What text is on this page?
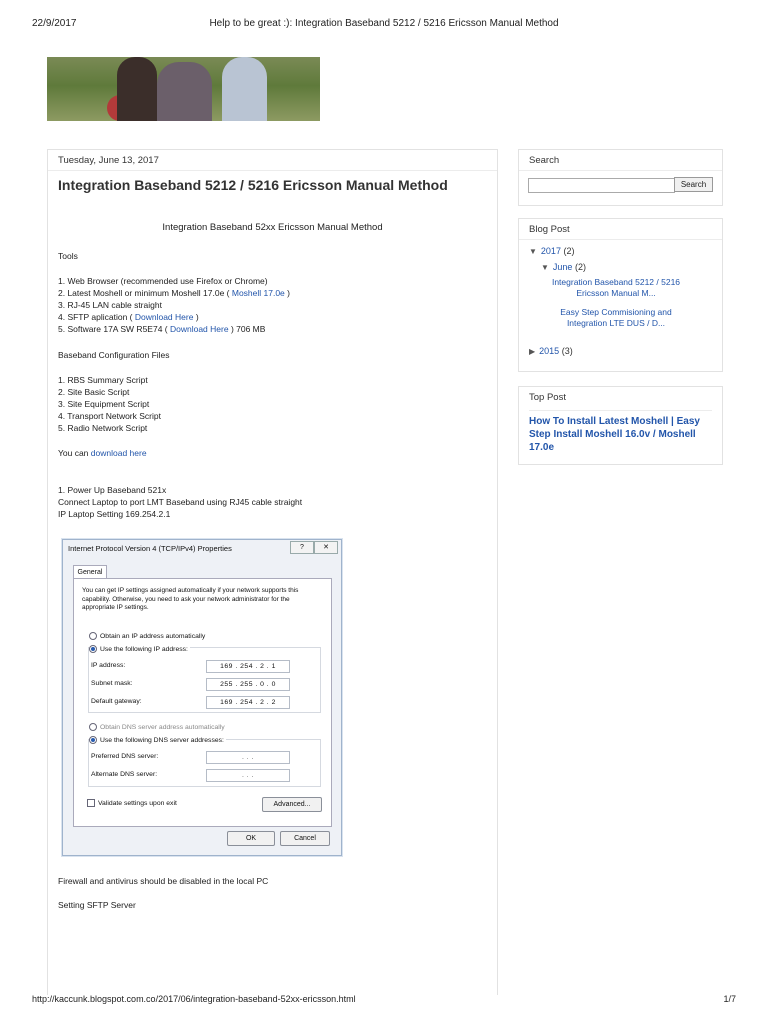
22/9/2017	Help to be great :): Integration Baseband 5212 / 5216 Ericsson Manual Method
Tuesday, June 13, 2017
Integration Baseband 5212 / 5216 Ericsson Manual Method
Integration Baseband 52xx Ericsson Manual Method
Tools
1. Web Browser (recommended use Firefox or Chrome)
2. Latest Moshell or minimum Moshell 17.0e ( Moshell 17.0e )
3. RJ-45 LAN cable straight
4. SFTP aplication ( Download Here )
5. Software 17A SW R5E74 ( Download Here ) 706 MB
Baseband Configuration Files
1. RBS Summary Script
2. Site Basic Script
3. Site Equipment Script
4. Transport Network Script
5. Radio Network Script
You can download here
1. Power Up Baseband 521x
Connect Laptop to port LMT Baseband using RJ45 cable straight
IP Laptop Setting 169.254.2.1
Internet Protocol Version 4 (TCP/IPv4) Properties	?	✕
General
You can get IP settings assigned automatically if your network supports this capability. Otherwise, you need to ask your network administrator for the appropriate IP settings.
Obtain an IP address automatically
Use the following IP address:
IP address:	169 . 254 . 2 . 1
Subnet mask:	255 . 255 . 0 . 0
Default gateway:	169 . 254 . 2 . 2
Obtain DNS server address automatically
Use the following DNS server addresses:
Preferred DNS server:	. . .
Alternate DNS server:	. . .
Validate settings upon exit	Advanced...
OK	Cancel
Firewall and antivirus should be disabled in the local PC
Setting SFTP Server
Search
Search
Blog Post
▼ 2017 (2)
▼ June (2)
Integration Baseband 5212 / 5216 Ericsson Manual M...
Easy Step Commisioning and Integration LTE DUS / D...
▶ 2015 (3)
Top Post
How To Install Latest Moshell | Easy Step Install Moshell 16.0v / Moshell 17.0e
http://kaccunk.blogspot.com.co/2017/06/integration-baseband-52xx-ericsson.html	1/7
